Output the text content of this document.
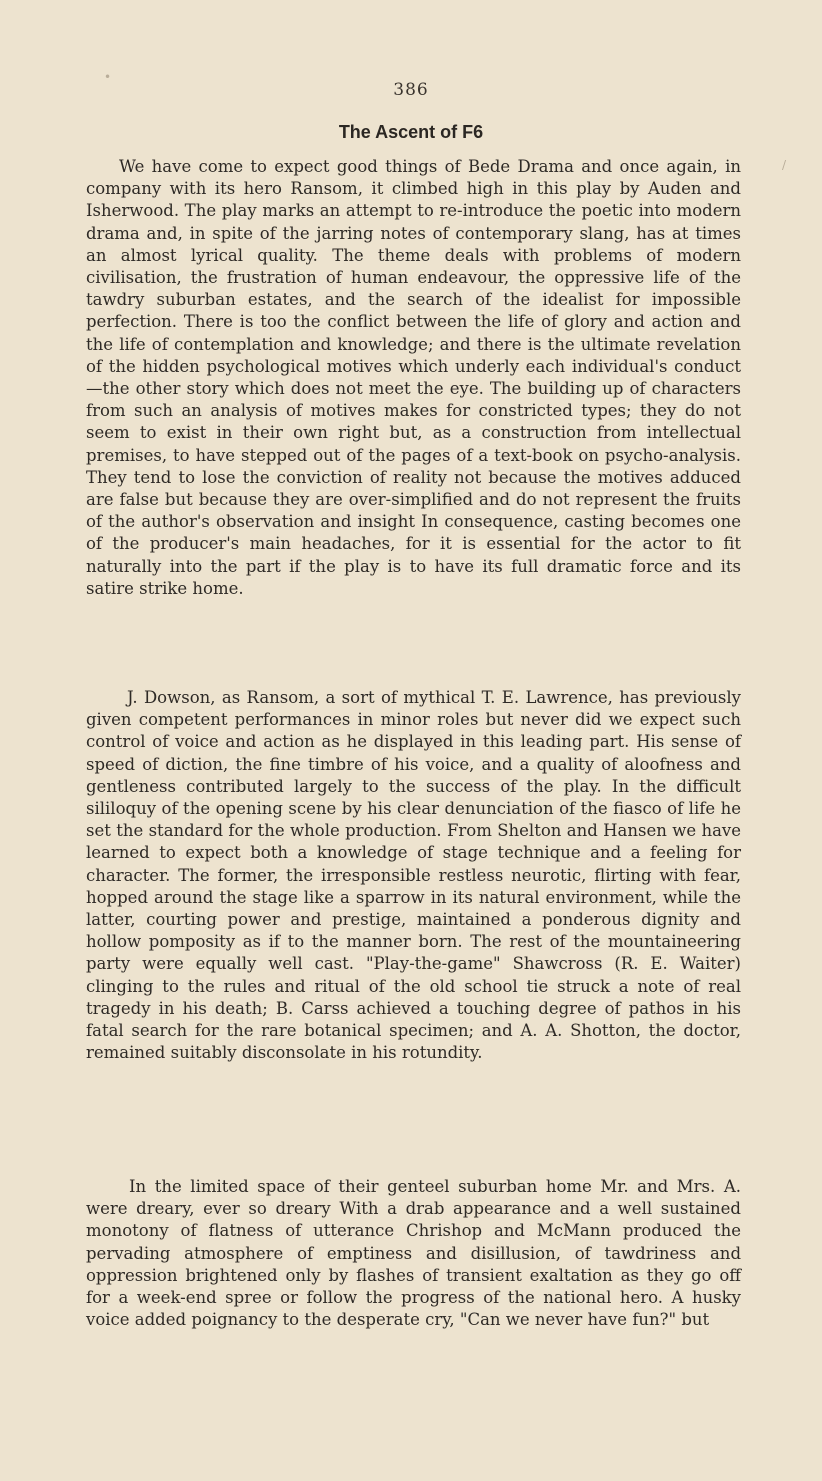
•
/
386
The Ascent of F6

We have come to expect good things of Bede Drama and once again, in company with its hero Ransom, it climbed high in this play by Auden and Isherwood. The play marks an attempt to re-introduce the poetic into modern drama and, in spite of the jarring notes of contemporary slang, has at times an almost lyrical quality. The theme deals with problems of modern civilisation, the frustration of human endeavour, the oppressive life of the tawdry suburban estates, and the search of the idealist for impossible perfection. There is too the conflict between the life of glory and action and the life of contemplation and knowledge; and there is the ultimate revelation of the hidden psychological motives which underly each individual's conduct—the other story which does not meet the eye. The building up of characters from such an analysis of motives makes for constricted types; they do not seem to exist in their own right but, as a construction from intellectual premises, to have stepped out of the pages of a text-book on psycho-analysis. They tend to lose the conviction of reality not because the motives adduced are false but because they are over-simplified and do not represent the fruits of the author's observation and insight In consequence, casting becomes one of the producer's main headaches, for it is essential for the actor to fit naturally into the part if the play is to have its full dramatic force and its satire strike home.

J. Dowson, as Ransom, a sort of mythical T. E. Lawrence, has previously given competent performances in minor roles but never did we expect such control of voice and action as he displayed in this leading part. His sense of speed of diction, the fine timbre of his voice, and a quality of aloofness and gentleness contributed largely to the success of the play. In the difficult sililoquy of the opening scene by his clear denunciation of the fiasco of life he set the standard for the whole production. From Shelton and Hansen we have learned to expect both a knowledge of stage technique and a feeling for character. The former, the irresponsible restless neurotic, flirting with fear, hopped around the stage like a sparrow in its natural environment, while the latter, courting power and prestige, maintained a ponderous dignity and hollow pomposity as if to the manner born. The rest of the mountaineering party were equally well cast. "Play-the-game" Shawcross (R. E. Waiter) clinging to the rules and ritual of the old school tie struck a note of real tragedy in his death; B. Carss achieved a touching degree of pathos in his fatal search for the rare botanical specimen; and A. A. Shotton, the doctor, remained suitably disconsolate in his rotundity.

In the limited space of their genteel suburban home Mr. and Mrs. A. were dreary, ever so dreary With a drab appearance and a well sustained monotony of flatness of utterance Chrishop and McMann produced the pervading atmosphere of emptiness and disillusion, of tawdriness and oppression brightened only by flashes of transient exaltation as they go off for a week-end spree or follow the progress of the national hero. A husky voice added poignancy to the desperate cry, "Can we never have fun?" but
